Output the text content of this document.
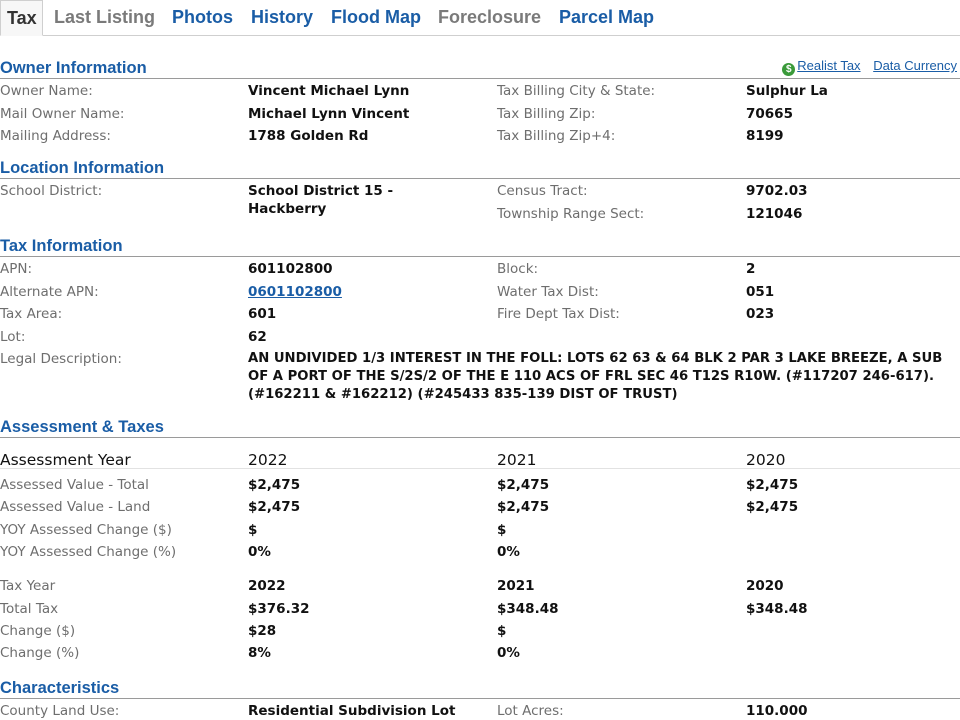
Tax Last Listing Photos History Flood Map Foreclosure Parcel Map
$ Realist Tax Data Currency
Owner Information
Owner Name:	Vincent Michael Lynn	Tax Billing City & State:	Sulphur La
Mail Owner Name:	Michael Lynn Vincent	Tax Billing Zip:	70665
Mailing Address:	1788 Golden Rd	Tax Billing Zip+4:	8199
Location Information
School District:	School District 15 - Hackberry
Census Tract:	9702.03
Township Range Sect:	121046
Tax Information
APN:	601102800	Block:	2
Alternate APN:	0601102800	Water Tax Dist:	051
Tax Area:	601	Fire Dept Tax Dist:	023
Lot:	62
Legal Description:	AN UNDIVIDED 1/3 INTEREST IN THE FOLL: LOTS 62 63 & 64 BLK 2 PAR 3 LAKE BREEZE, A SUB OF A PORT OF THE S/2S/2 OF THE E 110 ACS OF FRL SEC 46 T12S R10W. (#117207 246-617). (#162211 & #162212) (#245433 835-139 DIST OF TRUST)
Assessment & Taxes
Assessment Year	2022	2021	2020
Assessed Value - Total	$2,475	$2,475	$2,475
Assessed Value - Land	$2,475	$2,475	$2,475
YOY Assessed Change ($)	$	$
YOY Assessed Change (%)	0%	0%
Tax Year	2022	2021	2020
Total Tax	$376.32	$348.48	$348.48
Change ($)	$28	$
Change (%)	8%	0%
Characteristics
County Land Use:	Residential Subdivision Lot	Lot Acres:	110.000
